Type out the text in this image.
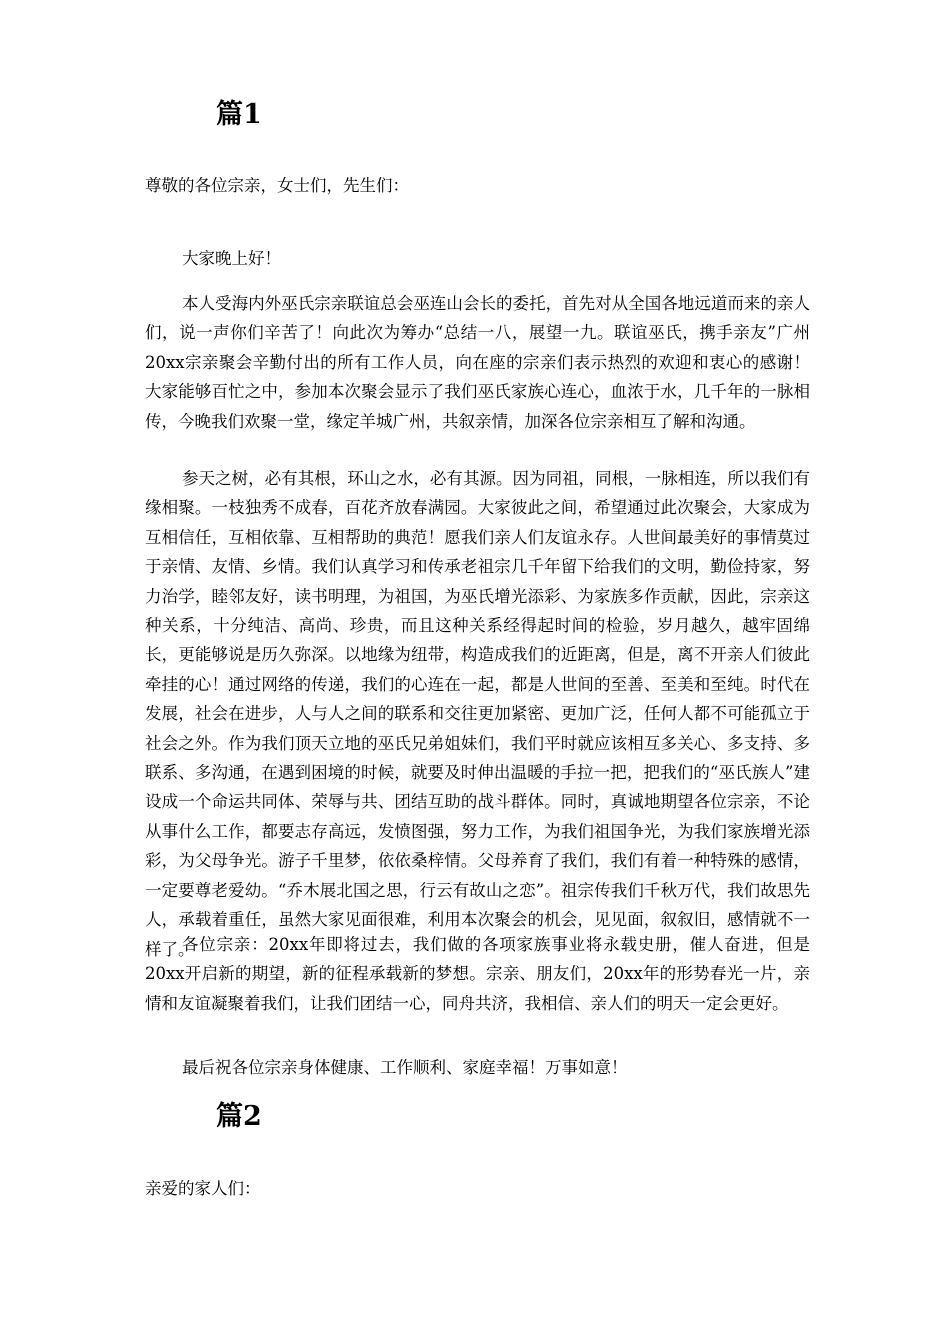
篇1

尊敬的各位宗亲，女士们，先生们：

大家晚上好！

本人受海内外巫氏宗亲联谊总会巫连山会长的委托，首先对从全国各地远道而来的亲人们，说一声你们辛苦了！向此次为筹办“总结一八，展望一九。联谊巫氏，携手亲友”广州20xx宗亲聚会辛勤付出的所有工作人员，向在座的宗亲们表示热烈的欢迎和衷心的感谢！大家能够百忙之中，参加本次聚会显示了我们巫氏家族心连心，血浓于水，几千年的一脉相传，今晚我们欢聚一堂，缘定羊城广州，共叙亲情，加深各位宗亲相互了解和沟通。

参天之树，必有其根，环山之水，必有其源。因为同祖，同根，一脉相连，所以我们有缘相聚。一枝独秀不成春，百花齐放春满园。大家彼此之间，希望通过此次聚会，大家成为互相信任，互相依靠、互相帮助的典范！愿我们亲人们友谊永存。人世间最美好的事情莫过于亲情、友情、乡情。我们认真学习和传承老祖宗几千年留下给我们的文明，勤俭持家，努力治学，睦邻友好，读书明理，为祖国，为巫氏增光添彩、为家族多作贡献，因此，宗亲这种关系，十分纯洁、高尚、珍贵，而且这种关系经得起时间的检验，岁月越久，越牢固绵长，更能够说是历久弥深。以地缘为纽带，构造成我们的近距离，但是，离不开亲人们彼此牵挂的心！通过网络的传递，我们的心连在一起，都是人世间的至善、至美和至纯。时代在发展，社会在进步，人与人之间的联系和交往更加紧密、更加广泛，任何人都不可能孤立于社会之外。作为我们顶天立地的巫氏兄弟姐妹们，我们平时就应该相互多关心、多支持、多联系、多沟通，在遇到困境的时候，就要及时伸出温暖的手拉一把，把我们的“巫氏族人”建设成一个命运共同体、荣辱与共、团结互助的战斗群体。同时，真诚地期望各位宗亲，不论从事什么工作，都要志存高远，发愤图强，努力工作，为我们祖国争光，为我们家族增光添彩，为父母争光。游子千里梦，依依桑梓情。父母养育了我们，我们有着一种特殊的感情，一定要尊老爱幼。“乔木展北国之思，行云有故山之恋”。祖宗传我们千秋万代，我们故思先人，承载着重任，虽然大家见面很难，利用本次聚会的机会，见见面，叙叙旧，感情就不一样了。

各位宗亲：20xx年即将过去，我们做的各项家族事业将永载史册，催人奋进，但是20xx开启新的期望，新的征程承载新的梦想。宗亲、朋友们，20xx年的形势春光一片，亲情和友谊凝聚着我们，让我们团结一心，同舟共济，我相信、亲人们的明天一定会更好。

最后祝各位宗亲身体健康、工作顺利、家庭幸福！万事如意！

篇2

亲爱的家人们：
